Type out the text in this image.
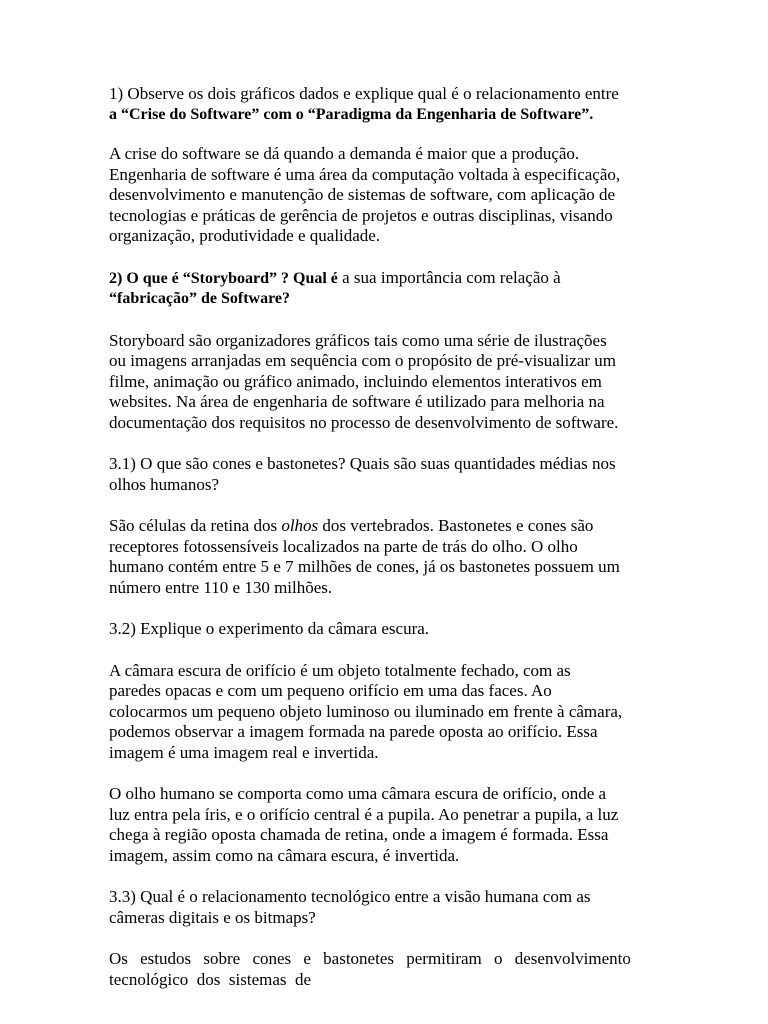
1) Observe os dois gráficos dados e explique qual é o relacionamento entre
a “Crise do Software” com o “Paradigma da Engenharia de Software”.
A crise do software se dá quando a demanda é maior que a produção.
Engenharia de software é uma área da computação voltada à especificação,
desenvolvimento e manutenção de sistemas de software, com aplicação de
tecnologias e práticas de gerência de projetos e outras disciplinas, visando
organização, produtividade e qualidade.
2) O que é “Storyboard” ? Qual é a sua importância com relação à
“fabricação” de Software?
Storyboard são organizadores gráficos tais como uma série de ilustrações
ou imagens arranjadas em sequência com o propósito de pré-visualizar um
filme, animação ou gráfico animado, incluindo elementos interativos em
websites. Na área de engenharia de software é utilizado para melhoria na
documentação dos requisitos no processo de desenvolvimento de software.
3.1) O que são cones e bastonetes? Quais são suas quantidades médias nos
olhos humanos?
São células da retina dos olhos dos vertebrados. Bastonetes e cones são
receptores fotossensíveis localizados na parte de trás do olho. O olho
humano contém entre 5 e 7 milhões de cones, já os bastonetes possuem um
número entre 110 e 130 milhões.
3.2) Explique o experimento da câmara escura.
A câmara escura de orifício é um objeto totalmente fechado, com as
paredes opacas e com um pequeno orifício em uma das faces. Ao
colocarmos um pequeno objeto luminoso ou iluminado em frente à câmara,
podemos observar a imagem formada na parede oposta ao orifício. Essa
imagem é uma imagem real e invertida.
O olho humano se comporta como uma câmara escura de orifício, onde a
luz entra pela íris, e o orifício central é a pupila. Ao penetrar a pupila, a luz
chega à região oposta chamada de retina, onde a imagem é formada. Essa
imagem, assim como na câmara escura, é invertida.
3.3) Qual é o relacionamento tecnológico entre a visão humana com as
câmeras digitais e os bitmaps?
Os estudos sobre cones e bastonetes permitiram o desenvolvimento
tecnológico  dos  sistemas  de
